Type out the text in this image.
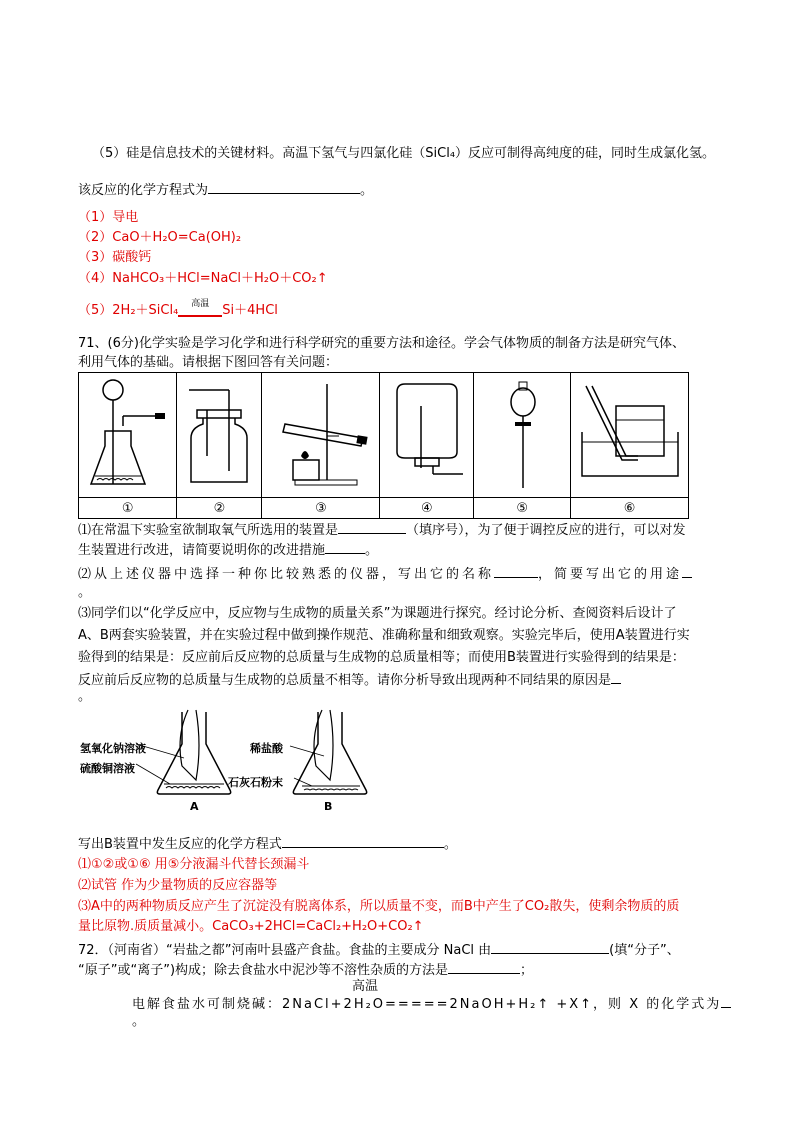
（5）硅是信息技术的关键材料。高温下氢气与四氯化硅（SiCl₄）反应可制得高纯度的硅，同时生成氯化氢。
该反应的化学方程式为	。
（1）导电
（2）CaO＋H₂O=Ca(OH)₂
（3）碳酸钙
（4）NaHCO₃＋HCl=NaCl＋H₂O＋CO₂↑
（5）2H₂＋SiCl₄	高温	Si＋4HCl
71、(6分)化学实验是学习化学和进行科学研究的重要方法和途径。学会气体物质的制备方法是研究气体、
利用气体的基础。请根据下图回答有关问题：

①	②	③	④	⑤	⑥
⑴在常温下实验室欲制取氧气所选用的装置是	（填序号），为了便于调控反应的进行，可以对发
生装置进行改进，请简要说明你的改进措施	。
⑵从上述仪器中选择一种你比较熟悉的仪器，写出它的名称	，简要写出它的用途
。
⑶同学们以“化学反应中，反应物与生成物的质量关系”为课题进行探究。经讨论分析、查阅资料后设计了
A、B两套实验装置，并在实验过程中做到操作规范、准确称量和细致观察。实验完毕后，使用A装置进行实
验得到的结果是：反应前后反应物的总质量与生成物的总质量相等；而使用B装置进行实验得到的结果是：
反应前后反应物的总质量与生成物的总质量不相等。请你分析导致出现两种不同结果的原因是
。
氢氧化钠溶液
硫酸铜溶液
稀盐酸
石灰石粉末
A	B
写出B装置中发生反应的化学方程式	。
⑴①②或①⑥ 用⑤分液漏斗代替长颈漏斗
⑵试管 作为少量物质的反应容器等
⑶A中的两种物质反应产生了沉淀没有脱离体系，所以质量不变，而B中产生了CO₂散失，使剩余物质的质
量比原物.质质量减小。CaCO₃+2HCl=CaCl₂+H₂O+CO₂↑
72．（河南省）“岩盐之都”河南叶县盛产食盐。食盐的主要成分 NaCl 由	(填“分子”、
“原子”或“离子”)构成；除去食盐水中泥沙等不溶性杂质的方法是	；
高温
电解食盐水可制烧碱：2NaCl+2H₂O=====2NaOH+H₂↑ +X↑，则 X 的化学式为
。
